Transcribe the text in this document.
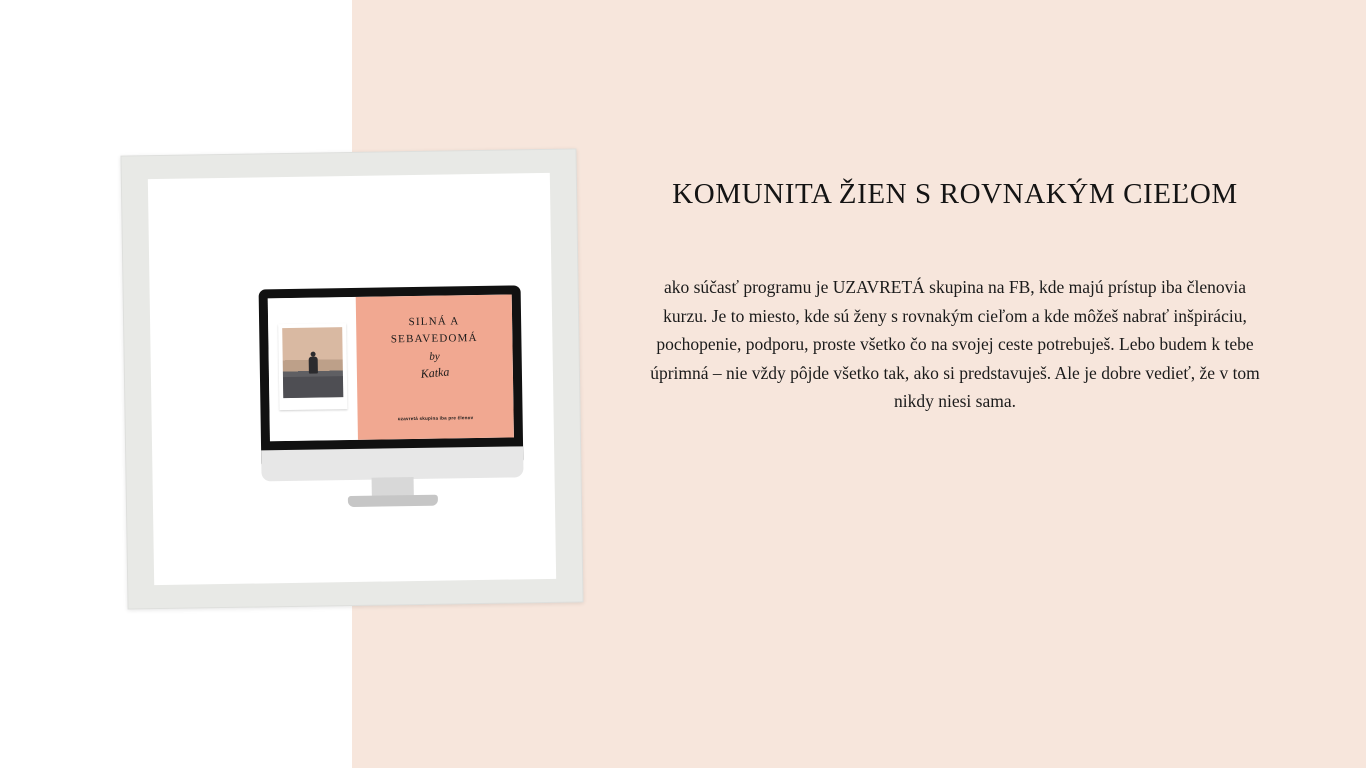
SILNÁ A
SEBAVEDOMÁ
by
Katka
uzavretá skupina iba pre členov
KOMUNITA ŽIEN S ROVNAKÝM CIEĽOM

ako súčasť programu je UZAVRETÁ skupina na FB, kde majú prístup iba členovia kurzu. Je to miesto, kde sú ženy s rovnakým cieľom a kde môžeš nabrať inšpiráciu, pochopenie, podporu, proste všetko čo na svojej ceste potrebuješ. Lebo budem k tebe úprimná – nie vždy pôjde všetko tak, ako si predstavuješ. Ale je dobre vedieť, že v tom nikdy niesi sama.
